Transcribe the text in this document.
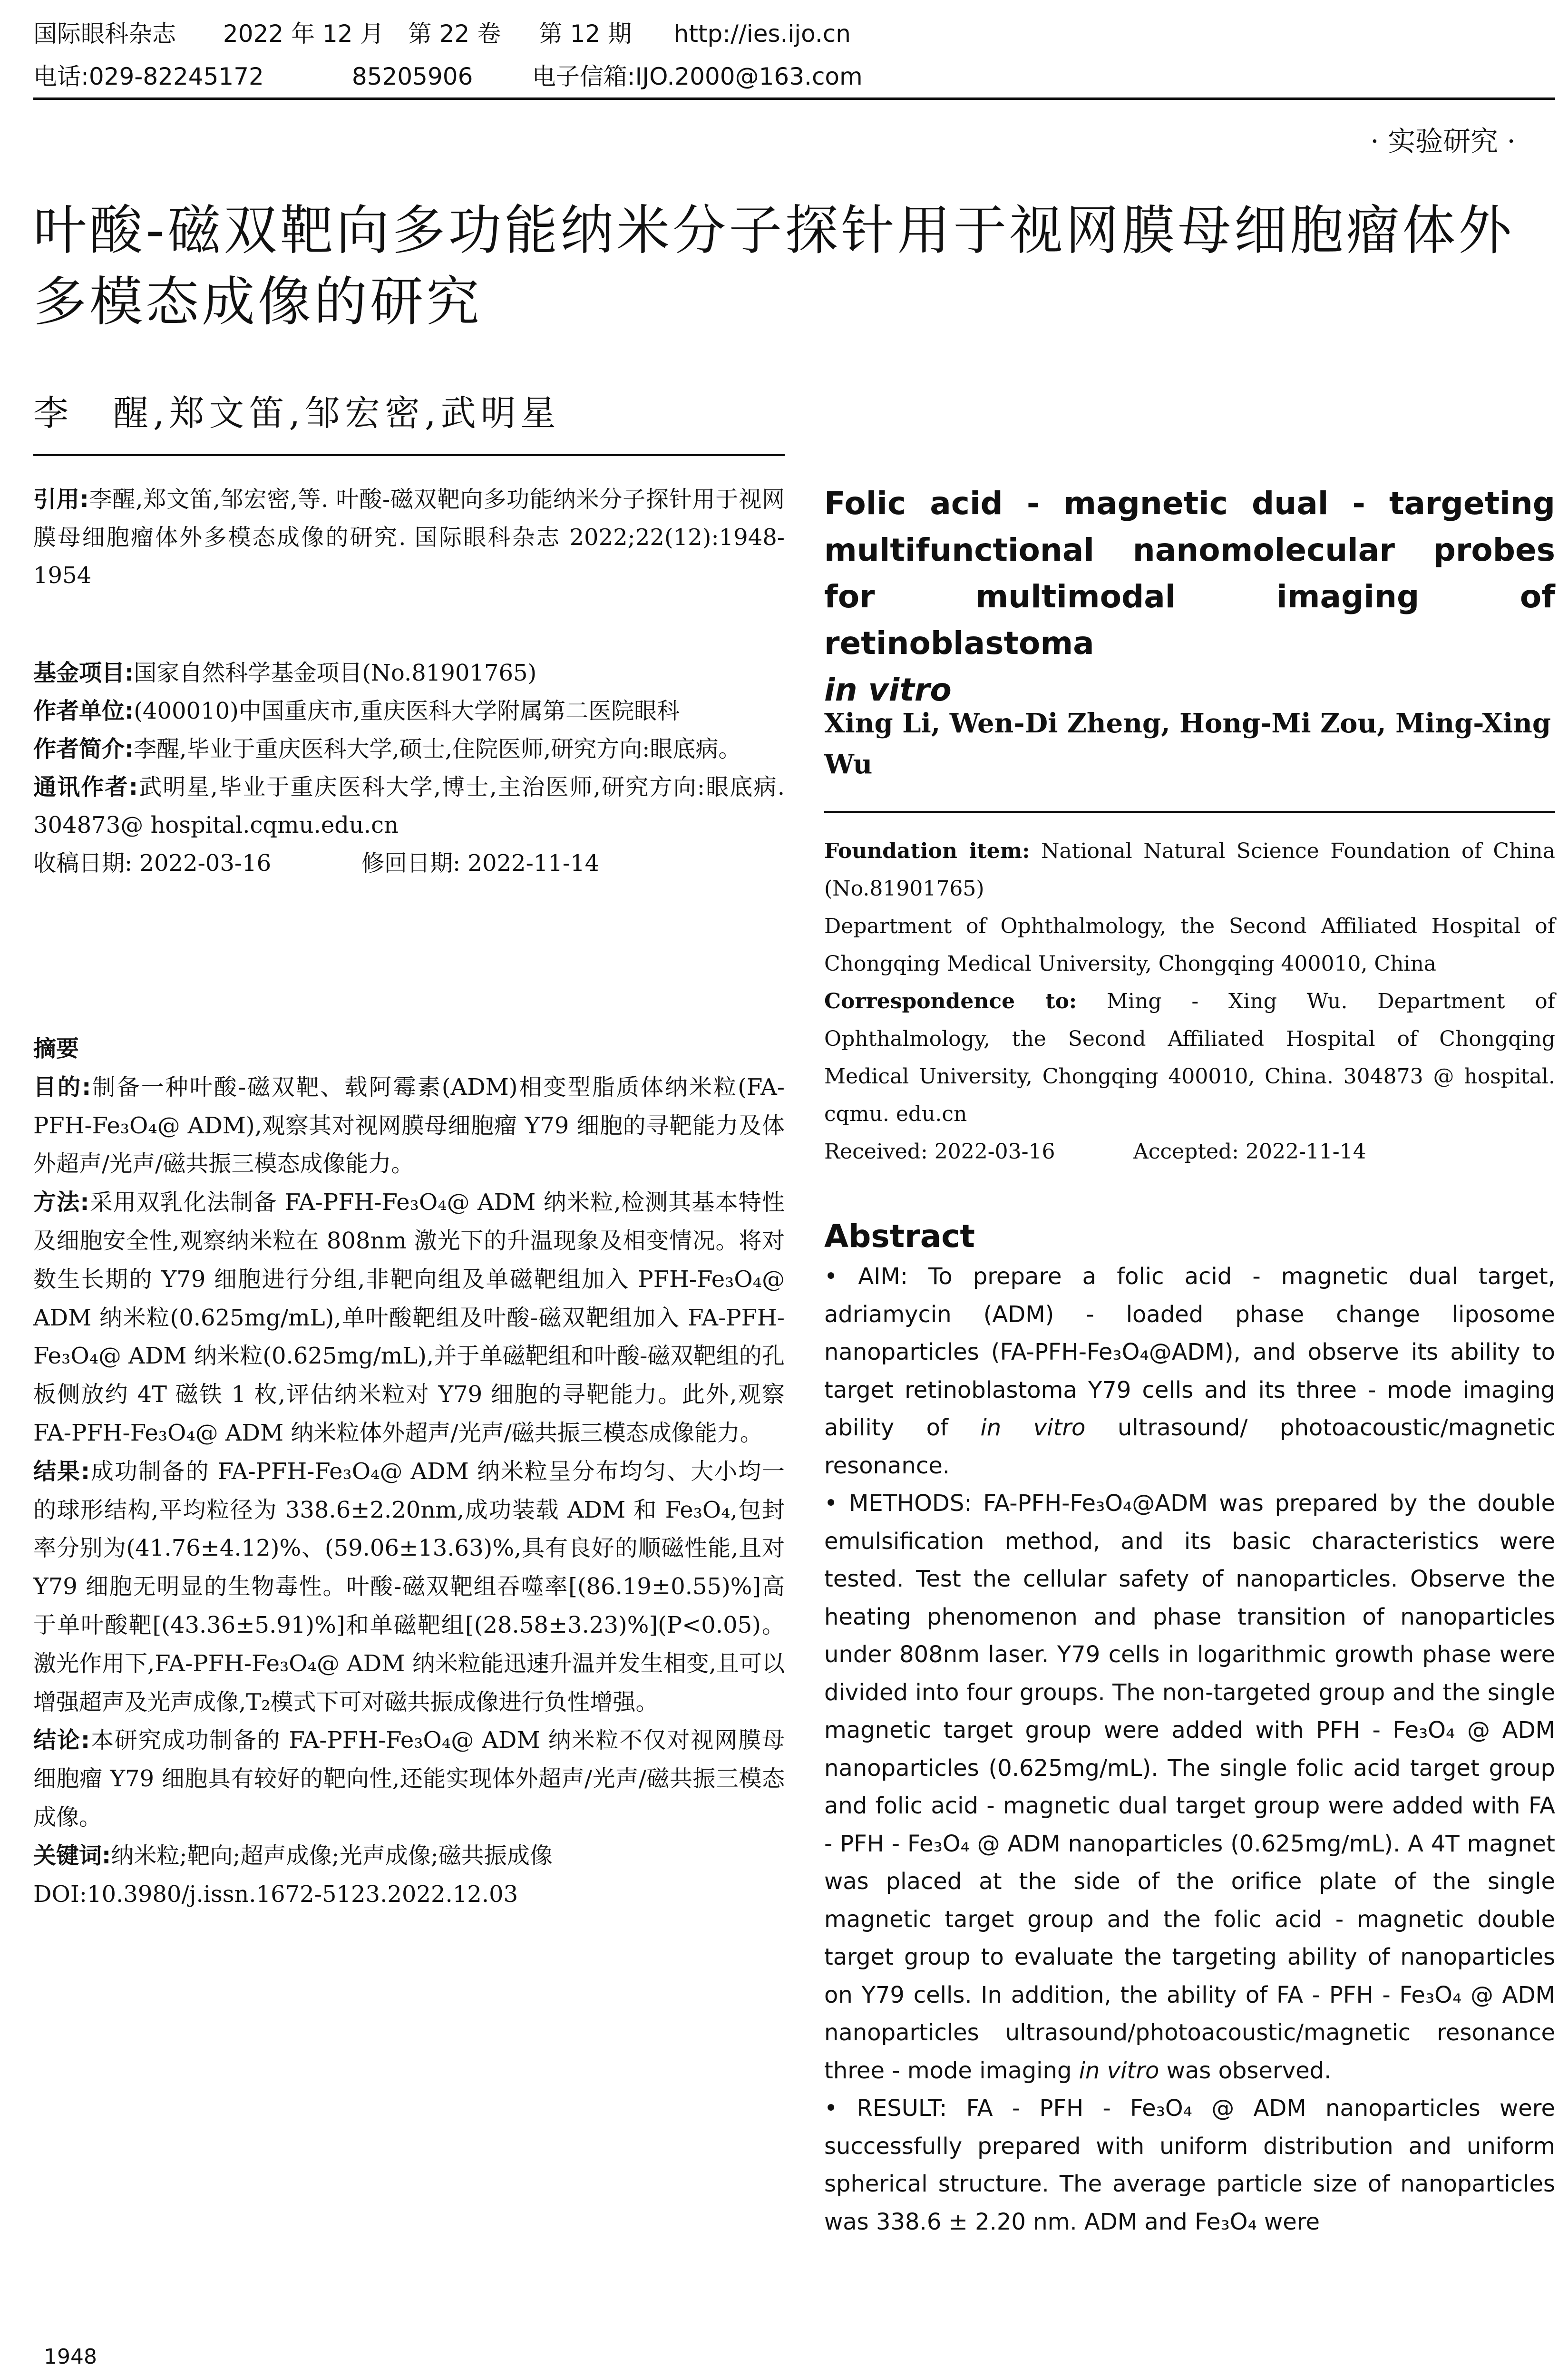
国际眼科杂志 2022 年 12 月 第 22 卷 第 12 期 http://ies.ijo.cn
电话:029-82245172	85205906 电子信箱:IJO.2000@163.com
· 实验研究 ·
叶酸-磁双靶向多功能纳米分子探针用于视网膜母细胞瘤体外多模态成像的研究
李　醒,郑文笛,邹宏密,武明星

引用:李醒,郑文笛,邹宏密,等. 叶酸-磁双靶向多功能纳米分子探针用于视网膜母细胞瘤体外多模态成像的研究. 国际眼科杂志 2022;22(12):1948-1954

基金项目:国家自然科学基金项目(No.81901765)

作者单位:(400010)中国重庆市,重庆医科大学附属第二医院眼科

作者简介:李醒,毕业于重庆医科大学,硕士,住院医师,研究方向:眼底病。

通讯作者:武明星,毕业于重庆医科大学,博士,主治医师,研究方向:眼底病. 304873@ hospital.cqmu.edu.cn

收稿日期: 2022-03-16	修回日期: 2022-11-14

摘要

目的:制备一种叶酸-磁双靶、载阿霉素(ADM)相变型脂质体纳米粒(FA-PFH-Fe₃O₄@ ADM),观察其对视网膜母细胞瘤 Y79 细胞的寻靶能力及体外超声/光声/磁共振三模态成像能力。

方法:采用双乳化法制备 FA-PFH-Fe₃O₄@ ADM 纳米粒,检测其基本特性及细胞安全性,观察纳米粒在 808nm 激光下的升温现象及相变情况。将对数生长期的 Y79 细胞进行分组,非靶向组及单磁靶组加入 PFH-Fe₃O₄@ ADM 纳米粒(0.625mg/mL),单叶酸靶组及叶酸-磁双靶组加入 FA-PFH-Fe₃O₄@ ADM 纳米粒(0.625mg/mL),并于单磁靶组和叶酸-磁双靶组的孔板侧放约 4T 磁铁 1 枚,评估纳米粒对 Y79 细胞的寻靶能力。此外,观察 FA-PFH-Fe₃O₄@ ADM 纳米粒体外超声/光声/磁共振三模态成像能力。

结果:成功制备的 FA-PFH-Fe₃O₄@ ADM 纳米粒呈分布均匀、大小均一的球形结构,平均粒径为 338.6±2.20nm,成功装载 ADM 和 Fe₃O₄,包封率分别为(41.76±4.12)%、(59.06±13.63)%,具有良好的顺磁性能,且对 Y79 细胞无明显的生物毒性。叶酸-磁双靶组吞噬率[(86.19±0.55)%]高于单叶酸靶[(43.36±5.91)%]和单磁靶组[(28.58±3.23)%](P<0.05)。激光作用下,FA-PFH-Fe₃O₄@ ADM 纳米粒能迅速升温并发生相变,且可以增强超声及光声成像,T₂模式下可对磁共振成像进行负性增强。

结论:本研究成功制备的 FA-PFH-Fe₃O₄@ ADM 纳米粒不仅对视网膜母细胞瘤 Y79 细胞具有较好的靶向性,还能实现体外超声/光声/磁共振三模态成像。

关键词:纳米粒;靶向;超声成像;光声成像;磁共振成像

DOI:10.3980/j.issn.1672-5123.2022.12.03

Folic acid - magnetic dual - targeting multifunctional nanomolecular probes for multimodal imaging of retinoblastoma
in vitro
Xing Li, Wen-Di Zheng, Hong-Mi Zou, Ming-Xing Wu
Foundation item: National Natural Science Foundation of China (No.81901765)
Department of Ophthalmology, the Second Affiliated Hospital of Chongqing Medical University, Chongqing 400010, China
Correspondence to: Ming - Xing Wu. Department of Ophthalmology, the Second Affiliated Hospital of Chongqing Medical University, Chongqing 400010, China. 304873 @ hospital. cqmu. edu.cn
Received: 2022-03-16	Accepted: 2022-11-14
Abstract

• AIM: To prepare a folic acid - magnetic dual target, adriamycin (ADM) - loaded phase change liposome nanoparticles (FA-PFH-Fe₃O₄@ADM), and observe its ability to target retinoblastoma Y79 cells and its three - mode imaging ability of in vitro ultrasound/ photoacoustic/magnetic resonance.

• METHODS: FA-PFH-Fe₃O₄@ADM was prepared by the double emulsification method, and its basic characteristics were tested. Test the cellular safety of nanoparticles. Observe the heating phenomenon and phase transition of nanoparticles under 808nm laser. Y79 cells in logarithmic growth phase were divided into four groups. The non-targeted group and the single magnetic target group were added with PFH - Fe₃O₄ @ ADM nanoparticles (0.625mg/mL). The single folic acid target group and folic acid - magnetic dual target group were added with FA - PFH - Fe₃O₄ @ ADM nanoparticles (0.625mg/mL). A 4T magnet was placed at the side of the orifice plate of the single magnetic target group and the folic acid - magnetic double target group to evaluate the targeting ability of nanoparticles on Y79 cells. In addition, the ability of FA - PFH - Fe₃O₄ @ ADM nanoparticles ultrasound/photoacoustic/magnetic resonance three - mode imaging in vitro was observed.

• RESULT: FA - PFH - Fe₃O₄ @ ADM nanoparticles were successfully prepared with uniform distribution and uniform spherical structure. The average particle size of nanoparticles was 338.6 ± 2.20 nm. ADM and Fe₃O₄ were

1948
